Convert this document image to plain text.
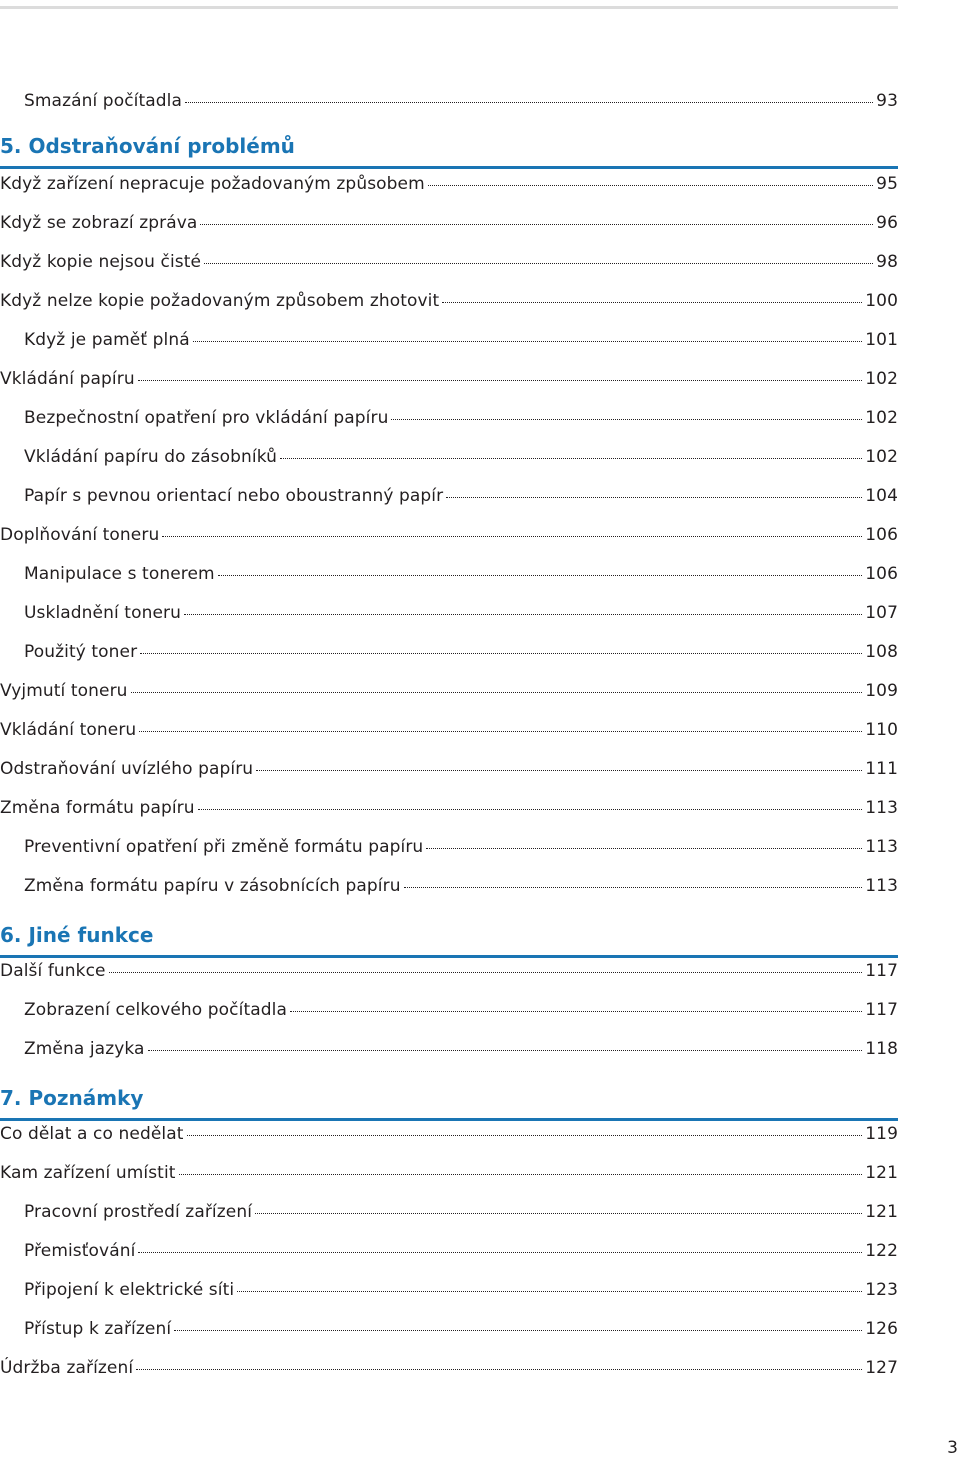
Smazání počítadla	93
5. Odstraňování problémů
Když zařízení nepracuje požadovaným způsobem	95
Když se zobrazí zpráva	96
Když kopie nejsou čisté	98
Když nelze kopie požadovaným způsobem zhotovit	100
Když je paměť plná	101
Vkládání papíru	102
Bezpečnostní opatření pro vkládání papíru	102
Vkládání papíru do zásobníků	102
Papír s pevnou orientací nebo oboustranný papír	104
Doplňování toneru	106
Manipulace s tonerem	106
Uskladnění toneru	107
Použitý toner	108
Vyjmutí toneru	109
Vkládání toneru	110
Odstraňování uvízlého papíru	111
Změna formátu papíru	113
Preventivní opatření při změně formátu papíru	113
Změna formátu papíru v zásobnících papíru	113
6. Jiné funkce
Další funkce	117
Zobrazení celkového počítadla	117
Změna jazyka	118
7. Poznámky
Co dělat a co nedělat	119
Kam zařízení umístit	121
Pracovní prostředí zařízení	121
Přemisťování	122
Připojení k elektrické síti	123
Přístup k zařízení	126
Údržba zařízení	127
3
